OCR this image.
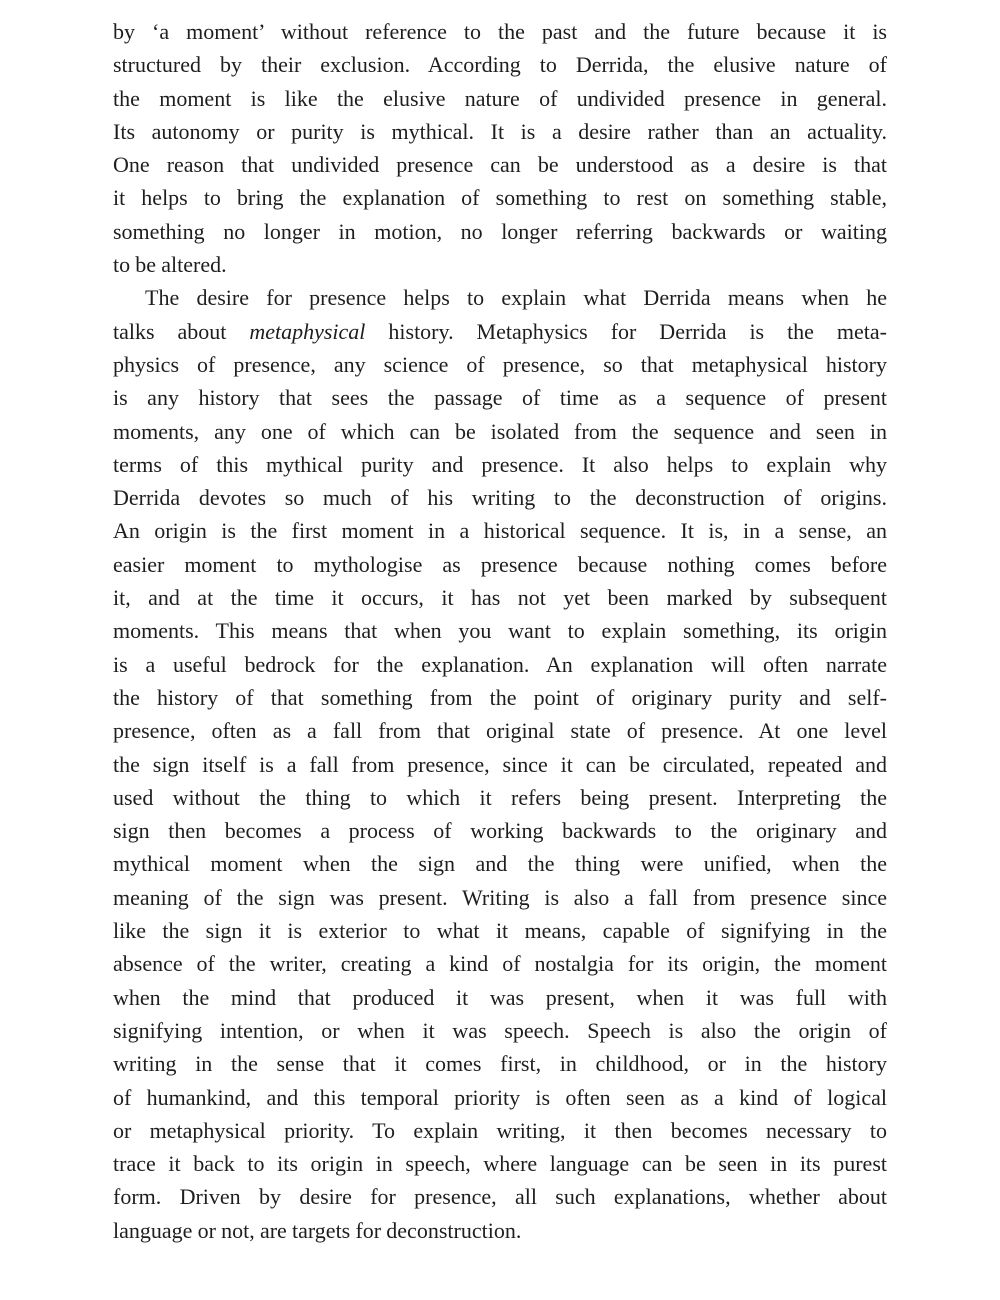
by ‘a moment’ without reference to the past and the future because it is
structured by their exclusion. According to Derrida, the elusive nature of
the moment is like the elusive nature of undivided presence in general.
Its autonomy or purity is mythical. It is a desire rather than an actuality.
One reason that undivided presence can be understood as a desire is that
it helps to bring the explanation of something to rest on something stable,
something no longer in motion, no longer referring backwards or waiting
to be altered.
The desire for presence helps to explain what Derrida means when he
talks about metaphysical history. Metaphysics for Derrida is the meta-
physics of presence, any science of presence, so that metaphysical history
is any history that sees the passage of time as a sequence of present
moments, any one of which can be isolated from the sequence and seen in
terms of this mythical purity and presence. It also helps to explain why
Derrida devotes so much of his writing to the deconstruction of origins.
An origin is the first moment in a historical sequence. It is, in a sense, an
easier moment to mythologise as presence because nothing comes before
it, and at the time it occurs, it has not yet been marked by subsequent
moments. This means that when you want to explain something, its origin
is a useful bedrock for the explanation. An explanation will often narrate
the history of that something from the point of originary purity and self-
presence, often as a fall from that original state of presence. At one level
the sign itself is a fall from presence, since it can be circulated, repeated and
used without the thing to which it refers being present. Interpreting the
sign then becomes a process of working backwards to the originary and
mythical moment when the sign and the thing were unified, when the
meaning of the sign was present. Writing is also a fall from presence since
like the sign it is exterior to what it means, capable of signifying in the
absence of the writer, creating a kind of nostalgia for its origin, the moment
when the mind that produced it was present, when it was full with
signifying intention, or when it was speech. Speech is also the origin of
writing in the sense that it comes first, in childhood, or in the history
of humankind, and this temporal priority is often seen as a kind of logical
or metaphysical priority. To explain writing, it then becomes necessary to
trace it back to its origin in speech, where language can be seen in its purest
form. Driven by desire for presence, all such explanations, whether about
language or not, are targets for deconstruction.
